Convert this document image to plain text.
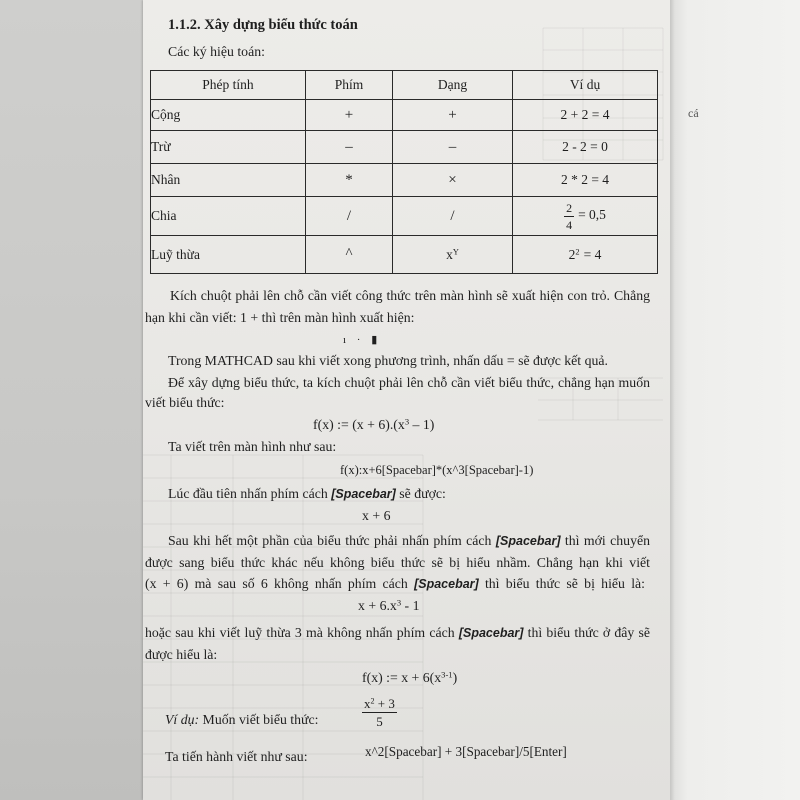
cá
1.1.2. Xây dựng biểu thức toán
Các ký hiệu toán:
Phép tính	Phím	Dạng	Ví dụ
Cộng	+	+	2 + 2 = 4
Trừ	–	–	2 - 2 = 0
Nhân	*	×	2 * 2 = 4
Chia	/	/	$\frac{2}{4} = 0,5$
Luỹ thừa	^	$x^Y$	$2^2 = 4$
Kích chuột phải lên chỗ cần viết công thức trên màn hình sẽ xuất hiện con trỏ. Chẳng
hạn khi cần viết: 1 + thì trên màn hình xuất hiện:
ı · ▮
Trong MATHCAD sau khi viết xong phương trình, nhấn dấu = sẽ được kết quả.
Để xây dựng biểu thức, ta kích chuột phải lên chỗ cần viết biểu thức, chẳng hạn muốn
viết biểu thức:
f(x) := $(x + 6).(x^3 - 1)$
Ta viết trên màn hình như sau:
f(x):x+6[Spacebar]*(x^3[Spacebar]-1)
Lúc đầu tiên nhấn phím cách [Spacebar] sẽ được:
x + 6
Sau khi hết một phần của biểu thức phải nhấn phím cách [Spacebar] thì mới chuyển
được sang biểu thức khác nếu không biểu thức sẽ bị hiểu nhầm. Chẳng hạn khi viết
(x + 6) mà sau số 6 không nhấn phím cách [Spacebar] thì biểu thức sẽ bị hiểu là:
$x + 6.x^3 - 1$
hoặc sau khi viết luỹ thừa 3 mà không nhấn phím cách [Spacebar] thì biểu thức ở đây sẽ
được hiểu là:
f(x) := $x + 6(x^{3-1})$
$\frac{x^2 + 3}{5}$
Ví dụ: Muốn viết biểu thức:
Ta tiến hành viết như sau:	x^2[Spacebar] + 3[Spacebar]/5[Enter]
